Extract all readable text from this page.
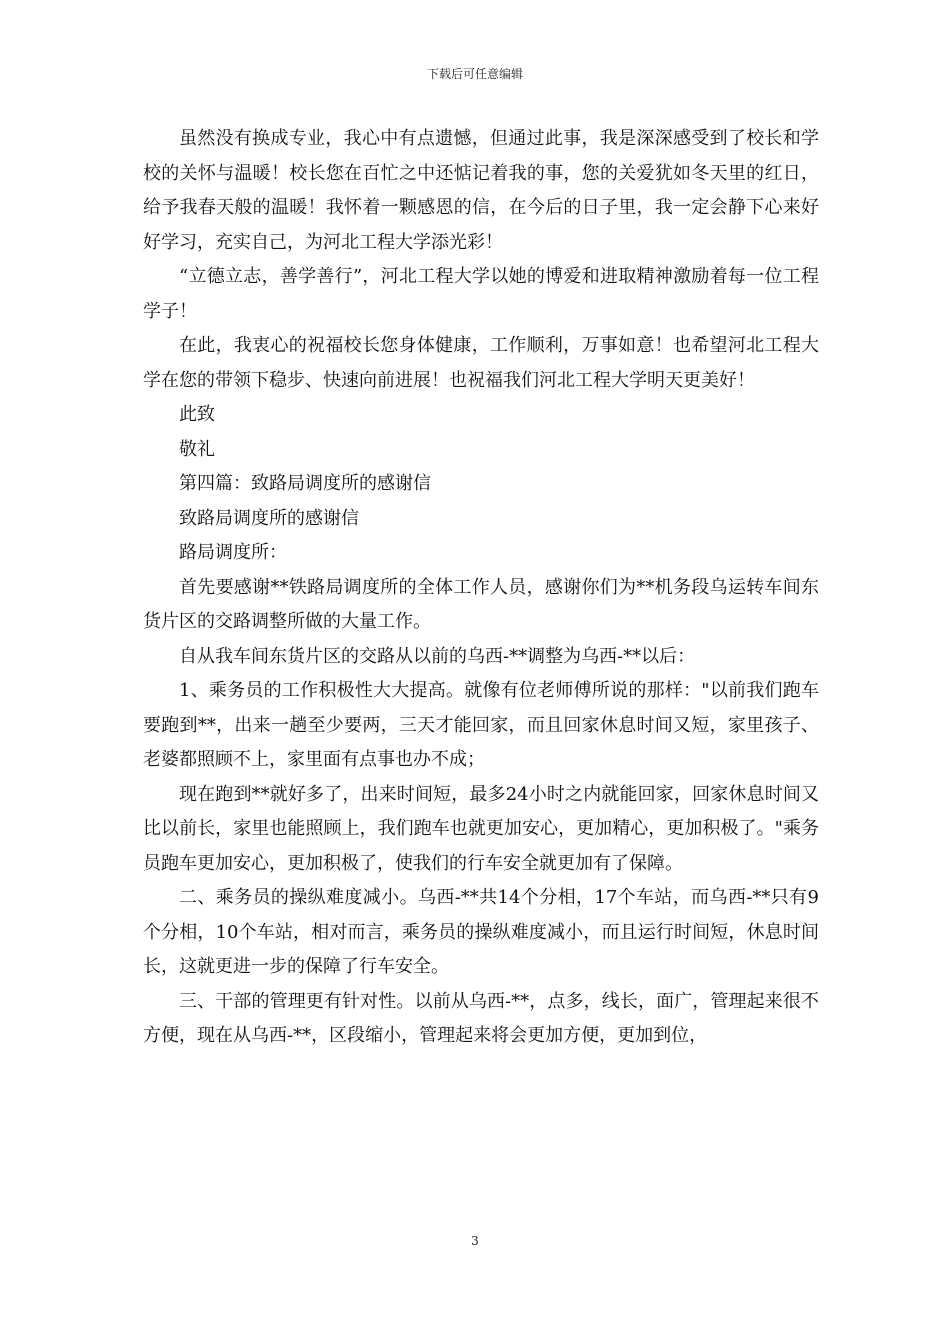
下载后可任意编辑

虽然没有换成专业，我心中有点遗憾，但通过此事，我是深深感受到了校长和学校的关怀与温暖！校长您在百忙之中还惦记着我的事，您的关爱犹如冬天里的红日，给予我春天般的温暖！我怀着一颗感恩的信，在今后的日子里，我一定会静下心来好好学习，充实自己，为河北工程大学添光彩！

“立德立志，善学善行”，河北工程大学以她的博爱和进取精神激励着每一位工程学子！

在此，我衷心的祝福校长您身体健康，工作顺利，万事如意！也希望河北工程大学在您的带领下稳步、快速向前进展！也祝福我们河北工程大学明天更美好！

此致

敬礼

第四篇：致路局调度所的感谢信

致路局调度所的感谢信

路局调度所：

首先要感谢**铁路局调度所的全体工作人员，感谢你们为**机务段乌运转车间东货片区的交路调整所做的大量工作。

自从我车间东货片区的交路从以前的乌西-**调整为乌西-**以后：

1、乘务员的工作积极性大大提高。就像有位老师傅所说的那样："以前我们跑车要跑到**，出来一趟至少要两，三天才能回家，而且回家休息时间又短，家里孩子、老婆都照顾不上，家里面有点事也办不成；

现在跑到**就好多了，出来时间短，最多24小时之内就能回家，回家休息时间又比以前长，家里也能照顾上，我们跑车也就更加安心，更加精心，更加积极了。"乘务员跑车更加安心，更加积极了，使我们的行车安全就更加有了保障。

二、乘务员的操纵难度减小。乌西-**共14个分相，17个车站，而乌西-**只有9个分相，10个车站，相对而言，乘务员的操纵难度减小，而且运行时间短，休息时间长，这就更进一步的保障了行车安全。

三、干部的管理更有针对性。以前从乌西-**，点多，线长，面广，管理起来很不方便，现在从乌西-**，区段缩小，管理起来将会更加方便，更加到位，

3
